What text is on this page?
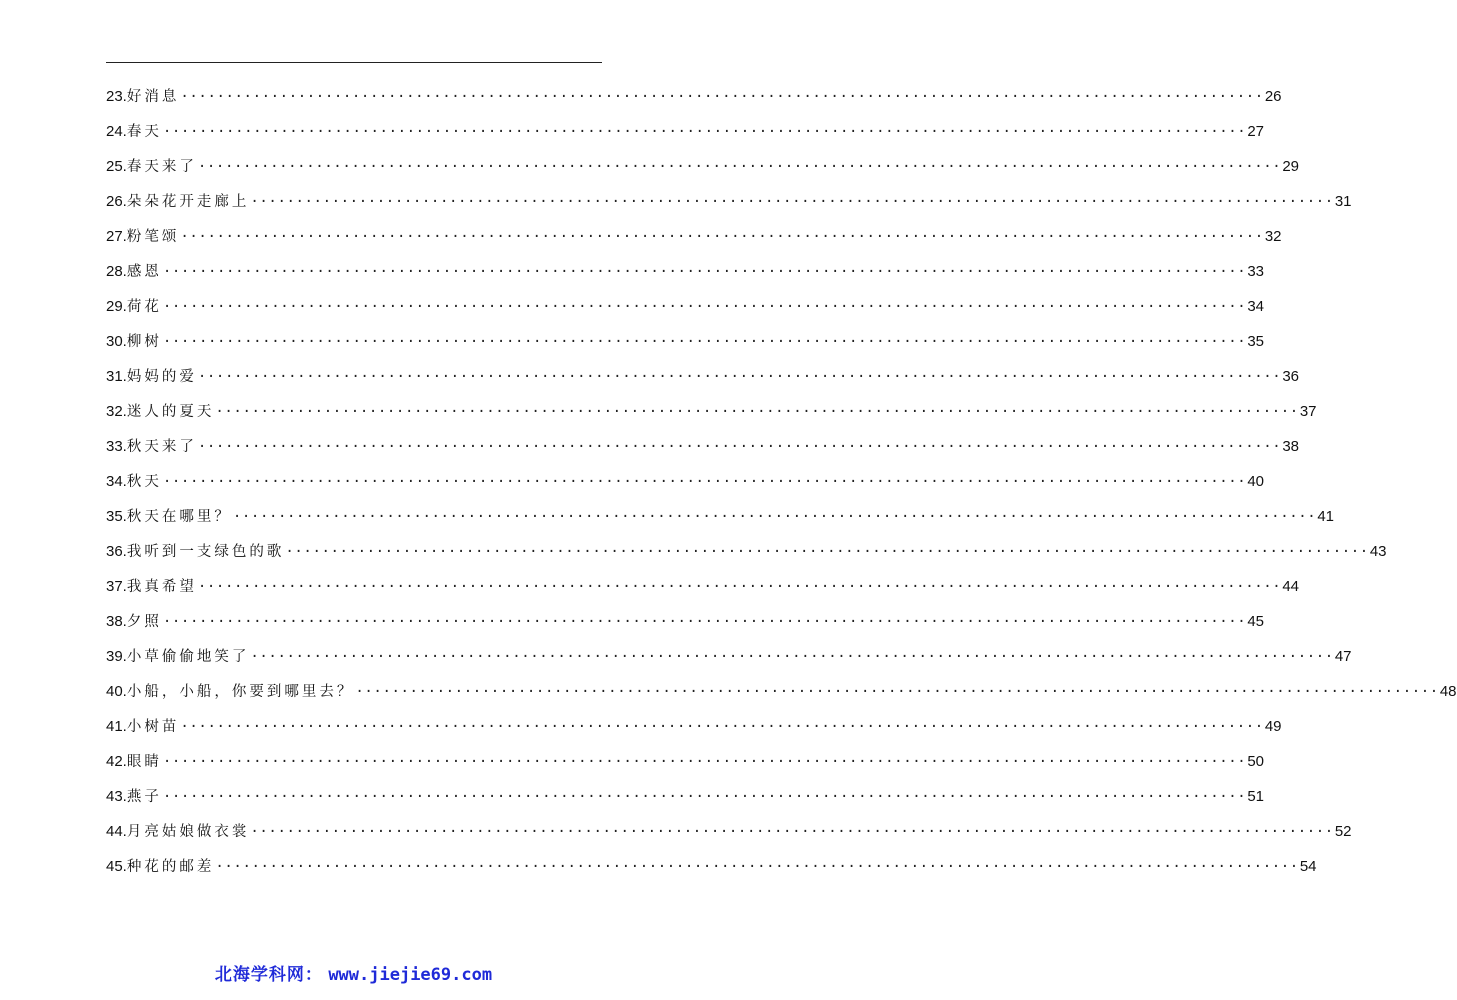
23. 好消息 ························································································································ 26
24. 春天 ························································································································ 27
25. 春天来了 ························································································································ 29
26. 朵朵花开走廊上 ························································································································ 31
27. 粉笔颂 ························································································································ 32
28. 感恩 ························································································································ 33
29. 荷花 ························································································································ 34
30. 柳树 ························································································································ 35
31. 妈妈的爱 ························································································································ 36
32. 迷人的夏天 ························································································································ 37
33. 秋天来了 ························································································································ 38
34. 秋天 ························································································································ 40
35. 秋天在哪里？ ························································································································ 41
36. 我听到一支绿色的歌 ························································································································ 43
37. 我真希望 ························································································································ 44
38. 夕照 ························································································································ 45
39. 小草偷偷地笑了 ························································································································ 47
40. 小船，小船，你要到哪里去？ ························································································································ 48
41. 小树苗 ························································································································ 49
42. 眼睛 ························································································································ 50
43. 燕子 ························································································································ 51
44. 月亮姑娘做衣裳 ························································································································ 52
45. 种花的邮差 ························································································································ 54
北海学科网： www.jiejie69.com
